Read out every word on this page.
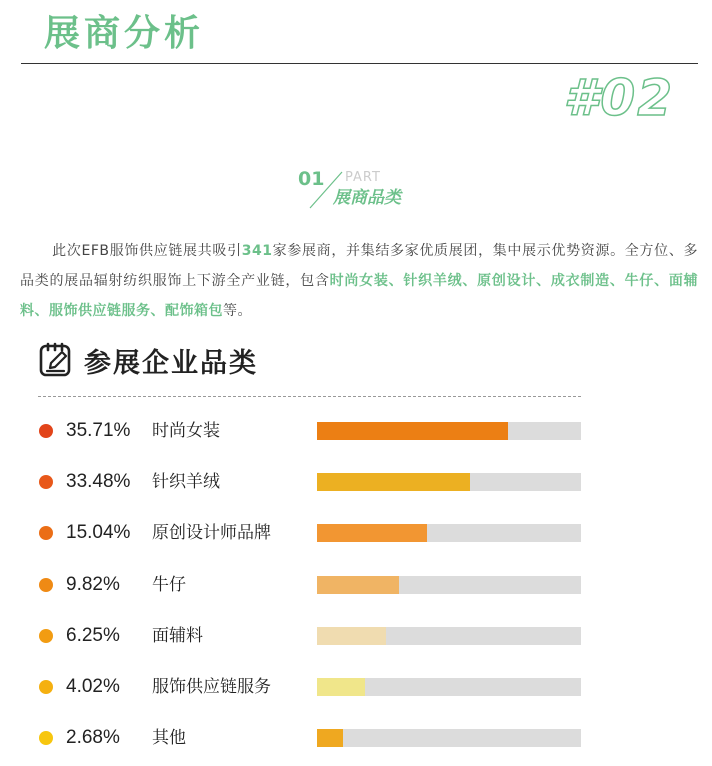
展商分析
#02
01 PART
展商品类
此次EFB服饰供应链展共吸引341家参展商，并集结多家优质展团，集中展示优势资源。全方位、多品类的展品辐射纺织服饰上下游全产业链，包含时尚女装、针织羊绒、原创设计、成衣制造、牛仔、面辅料、服饰供应链服务、配饰箱包等。
参展企业品类
35.71% 时尚女装
33.48% 针织羊绒
15.04% 原创设计师品牌
9.82% 牛仔
6.25% 面辅料
4.02% 服饰供应链服务
2.68% 其他
